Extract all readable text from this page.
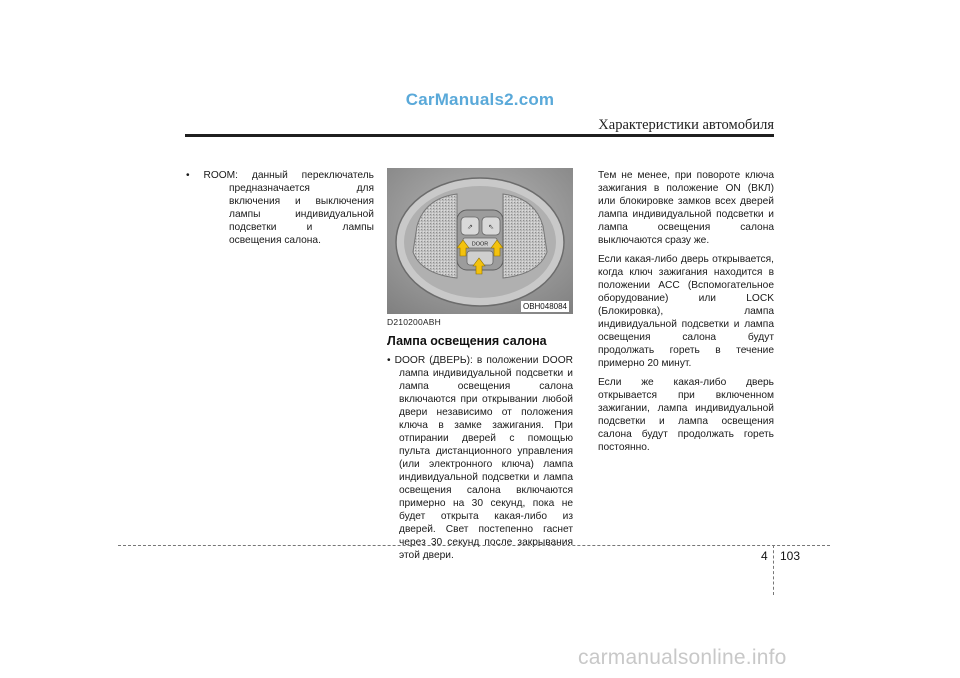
CarManuals2.com
Характеристики автомобиля

• ROOM: данный переключатель предназначается для включения и выключения лампы индивидуальной подсветки и лампы освещения салона.

⇗ ⇖
DOOR
OBH048084

D210200ABH

Лампа освещения салона

• DOOR (ДВЕРЬ): в положении DOOR лампа индивидуальной подсветки и лампа освещения салона включаются при открывании любой двери независимо от положения ключа в замке зажигания. При отпирании дверей с помощью пульта дистанционного управления (или электронного ключа) лампа индивидуальной подсветки и лампа освещения салона включаются примерно на 30 секунд, пока не будет открыта какая-либо из дверей. Свет постепенно гаснет через 30 секунд после закрывания этой двери.

Тем не менее, при повороте ключа зажигания в положение ON (ВКЛ) или блокировке замков всех дверей лампа индивидуальной подсветки и лампа освещения салона выключаются сразу же.

Если какая-либо дверь открывается, когда ключ зажигания находится в положении ACC (Вспомогательное оборудование) или LOCK (Блокировка), лампа индивидуальной подсветки и лампа освещения салона будут продолжать гореть в течение примерно 20 минут.

Если же какая-либо дверь открывается при включенном зажигании, лампа индивидуальной подсветки и лампа освещения салона будут продолжать гореть постоянно.

4 103
carmanualsonline.info
